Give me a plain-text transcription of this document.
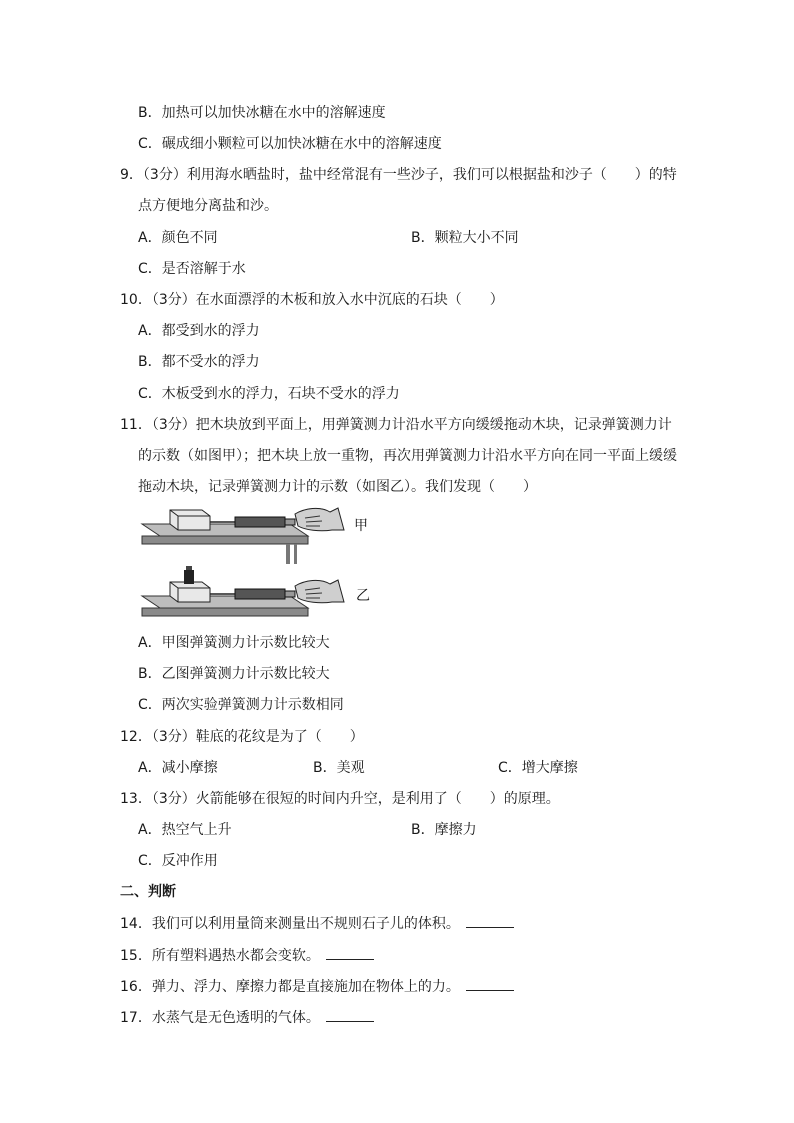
B．加热可以加快冰糖在水中的溶解速度
C．碾成细小颗粒可以加快冰糖在水中的溶解速度
9．（3分）利用海水晒盐时，盐中经常混有一些沙子，我们可以根据盐和沙子（　　）的特
点方便地分离盐和沙。
A．颜色不同	B．颗粒大小不同
C．是否溶解于水
10．（3分）在水面漂浮的木板和放入水中沉底的石块（　　）
A．都受到水的浮力
B．都不受水的浮力
C．木板受到水的浮力，石块不受水的浮力
11．（3分）把木块放到平面上，用弹簧测力计沿水平方向缓缓拖动木块，记录弹簧测力计
的示数（如图甲）；把木块上放一重物，再次用弹簧测力计沿水平方向在同一平面上缓缓
拖动木块，记录弹簧测力计的示数（如图乙）。我们发现（　　）
甲
乙
A．甲图弹簧测力计示数比较大
B．乙图弹簧测力计示数比较大
C．两次实验弹簧测力计示数相同
12．（3分）鞋底的花纹是为了（　　）
A．减小摩擦	B．美观	C．增大摩擦
13．（3分）火箭能够在很短的时间内升空，是利用了（　　）的原理。
A．热空气上升	B．摩擦力
C．反冲作用
二、判断
14．我们可以利用量筒来测量出不规则石子儿的体积。
15．所有塑料遇热水都会变软。
16．弹力、浮力、摩擦力都是直接施加在物体上的力。
17．水蒸气是无色透明的气体。
